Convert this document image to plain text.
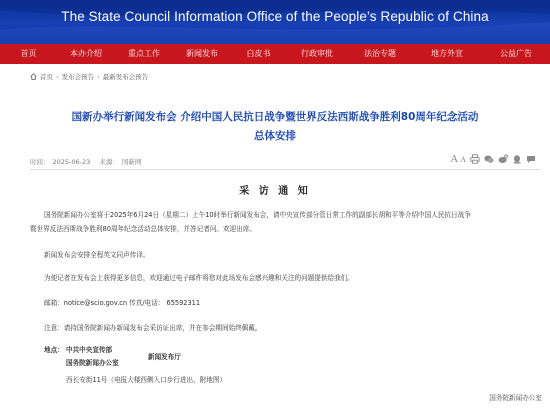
The State Council Information Office of the People’s Republic of China
首页	本办介绍	重点工作	新闻发布	白皮书	行政审批	法治专题	地方外宣	公益广告
首页 › 发布会预告 › 最新发布会预告
国新办举行新闻发布会 介绍中国人民抗日战争暨世界反法西斯战争胜利80周年纪念活动
总体安排
时间： 2025-06-23 来源： 国新网	A A
采 访 通 知
国务院新闻办公室将于2025年6月24日（星期二）上午10时举行新闻发布会，请中央宣传部分管日常工作的副部长胡和平等介绍中国人民抗日战争
暨世界反法西斯战争胜利80周年纪念活动总体安排，并答记者问。欢迎出席。
新闻发布会安排全程英文同声传译。
为便记者在发布会上获得更多信息，欢迎通过电子邮件将您对此场发布会感兴趣和关注的问题提供给我们。
邮箱：notice@scio.gov.cn 传真/电话： 65592311
注意：请持国务院新闻办新闻发布会采访证出席，并在参会期间始终佩戴。
地点： 中共中央宣传部
国务院新闻办公室
新闻发布厅
西长安街11号（电报大楼西侧入口步行进出，附地图）
国务院新闻办公室
